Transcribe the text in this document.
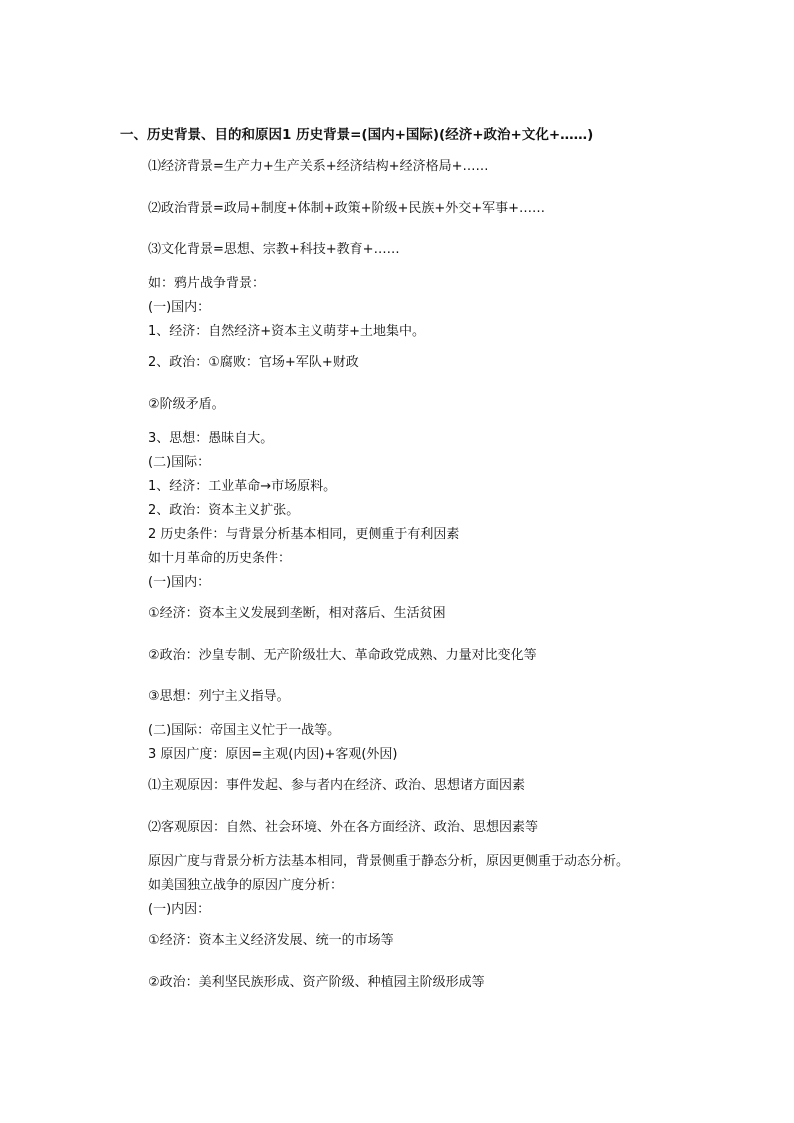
一、历史背景、目的和原因1 历史背景=(国内+国际)(经济+政治+文化+……)
⑴经济背景=生产力+生产关系+经济结构+经济格局+……
⑵政治背景=政局+制度+体制+政策+阶级+民族+外交+军事+……
⑶文化背景=思想、宗教+科技+教育+……
如：鸦片战争背景：
(一)国内：
1、经济：自然经济+资本主义萌芽+土地集中。
2、政治：①腐败：官场+军队+财政
②阶级矛盾。
3、思想：愚昧自大。
(二)国际：
1、经济：工业革命→市场原料。
2、政治：资本主义扩张。
2 历史条件：与背景分析基本相同，更侧重于有利因素
如十月革命的历史条件：
(一)国内：
①经济：资本主义发展到垄断，相对落后、生活贫困
②政治：沙皇专制、无产阶级壮大、革命政党成熟、力量对比变化等
③思想：列宁主义指导。
(二)国际：帝国主义忙于一战等。
3 原因广度：原因=主观(内因)+客观(外因)
⑴主观原因：事件发起、参与者内在经济、政治、思想诸方面因素
⑵客观原因：自然、社会环境、外在各方面经济、政治、思想因素等
原因广度与背景分析方法基本相同，背景侧重于静态分析，原因更侧重于动态分析。
如美国独立战争的原因广度分析：
(一)内因：
①经济：资本主义经济发展、统一的市场等
②政治：美利坚民族形成、资产阶级、种植园主阶级形成等
